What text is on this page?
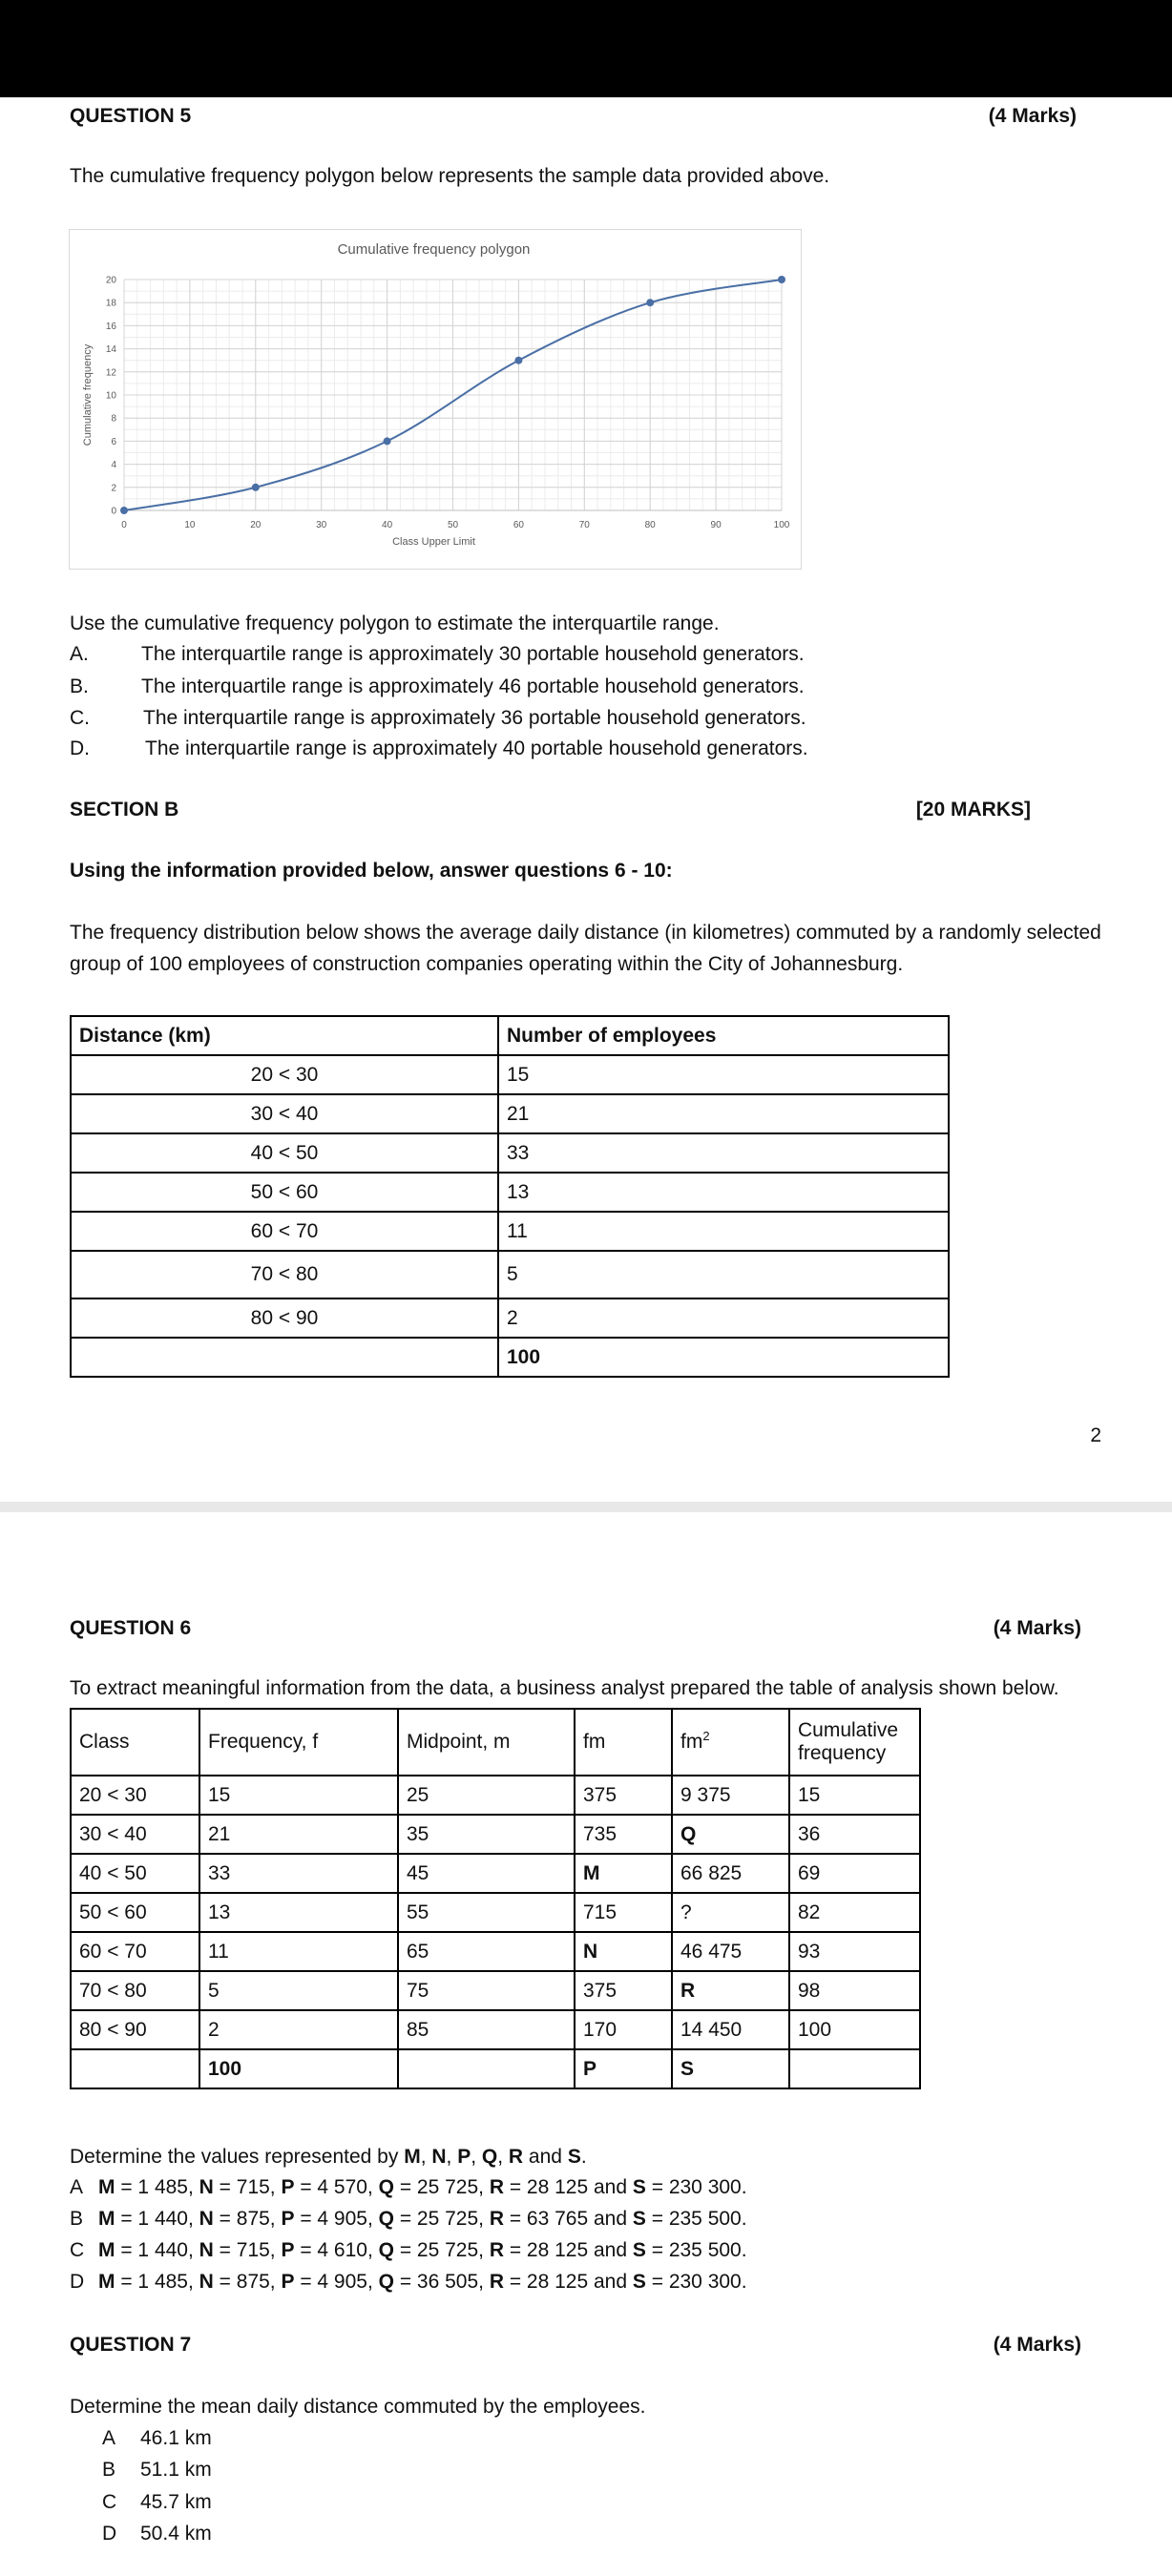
QUESTION 5	(4 Marks)
The cumulative frequency polygon below represents the sample data provided above.
0	10	20	30	40	50	60	70	80	90	100
0
2
4
6
8
10
12
14
16
18
20
Cumulative frequency polygon
Class Upper Limit
Cumulative frequency
Use the cumulative frequency polygon to estimate the interquartile range.
A.	The interquartile range is approximately 30 portable household generators.
B.	The interquartile range is approximately 46 portable household generators.
C.	The interquartile range is approximately 36 portable household generators.
D.	The interquartile range is approximately 40 portable household generators.
SECTION B	[20 MARKS]
Using the information provided below, answer questions 6 - 10:
The frequency distribution below shows the average daily distance (in kilometres) commuted by a randomly selected
group of 100 employees of construction companies operating within the City of Johannesburg.
Distance (km)	Number of employees
20 < 30	15
30 < 40	21
40 < 50	33
50 < 60	13
60 < 70	11
70 < 80	5
80 < 90	2
	100
2
QUESTION 6	(4 Marks)
To extract meaningful information from the data, a business analyst prepared the table of analysis shown below.
Class	Frequency, f	Midpoint, m	fm	$fm^2$	Cumulative frequency
20 < 30	15	25	375	9 375	15
30 < 40	21	35	735	Q	36
40 < 50	33	45	M	66 825	69
50 < 60	13	55	715	?	82
60 < 70	11	65	N	46 475	93
70 < 80	5	75	375	R	98
80 < 90	2	85	170	14 450	100
	100		P	S	
Determine the values represented by M, N, P, Q, R and S.
A M = 1 485, N = 715, P = 4 570, Q = 25 725, R = 28 125 and S = 230 300.
B M = 1 440, N = 875, P = 4 905, Q = 25 725, R = 63 765 and S = 235 500.
C M = 1 440, N = 715, P = 4 610, Q = 25 725, R = 28 125 and S = 235 500.
D M = 1 485, N = 875, P = 4 905, Q = 36 505, R = 28 125 and S = 230 300.
QUESTION 7	(4 Marks)
Determine the mean daily distance commuted by the employees.
A 46.1 km
B 51.1 km
C 45.7 km
D 50.4 km
